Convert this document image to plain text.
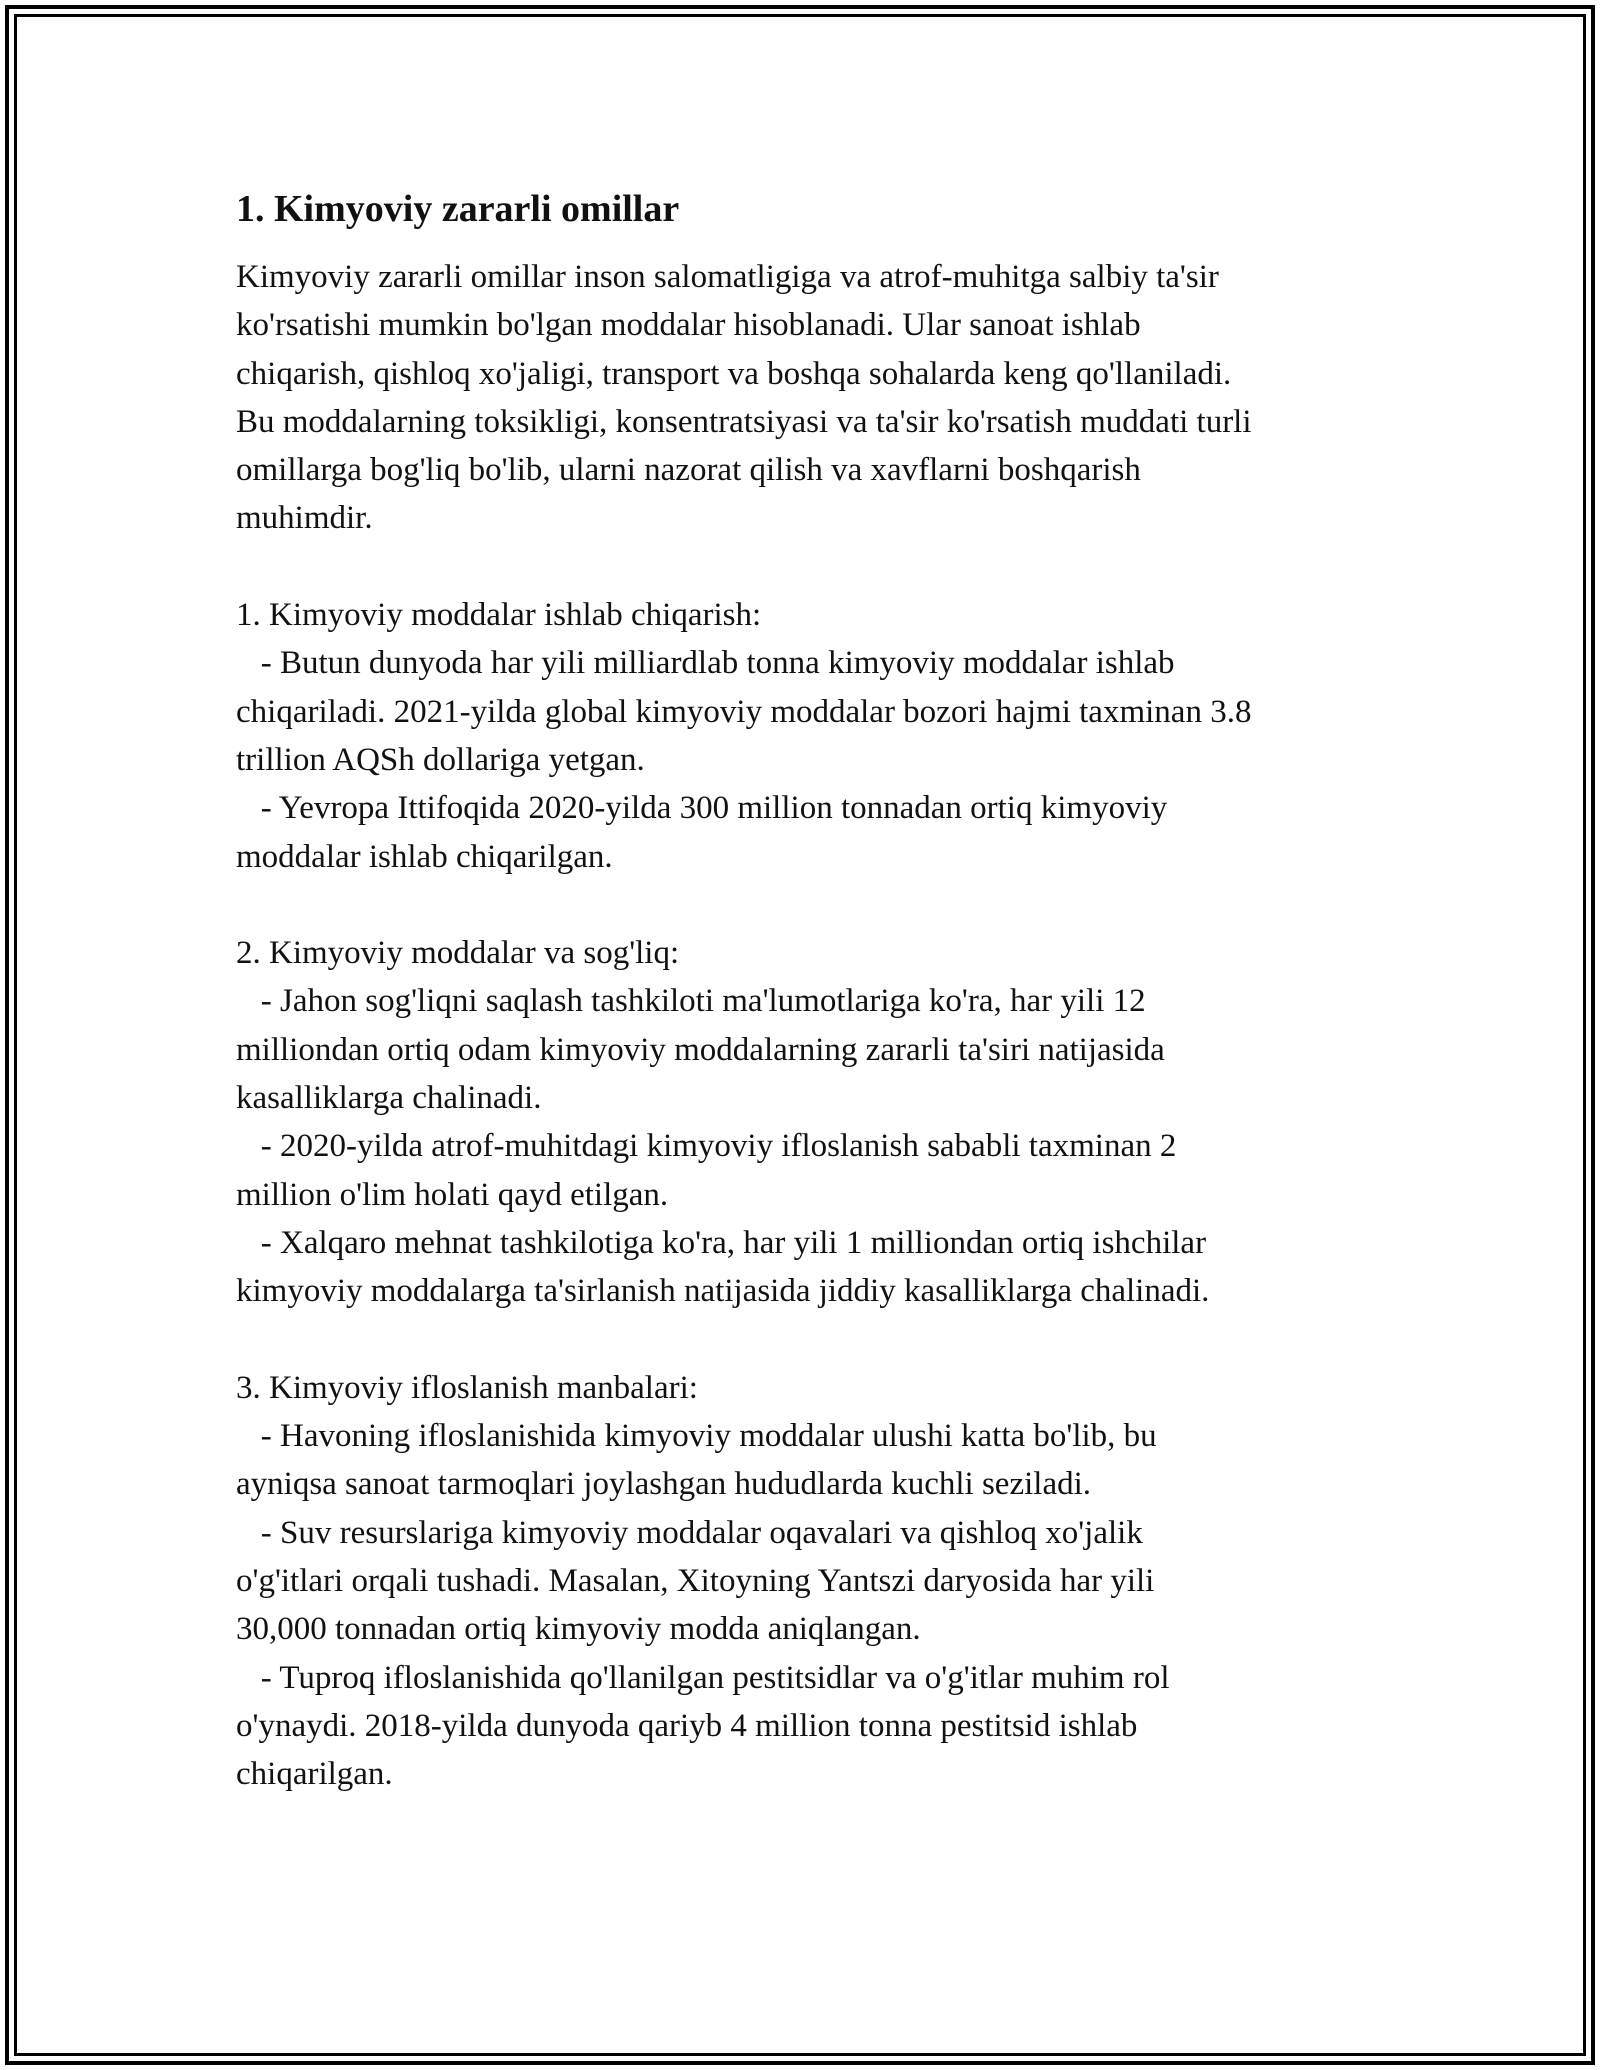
1. Kimyoviy zararli omillar

Kimyoviy zararli omillar inson salomatligiga va atrof-muhitga salbiy ta'sir
ko'rsatishi mumkin bo'lgan moddalar hisoblanadi. Ular sanoat ishlab
chiqarish, qishloq xo'jaligi, transport va boshqa sohalarda keng qo'llaniladi.
Bu moddalarning toksikligi, konsentratsiyasi va ta'sir ko'rsatish muddati turli
omillarga bog'liq bo'lib, ularni nazorat qilish va xavflarni boshqarish
muhimdir.

1. Kimyoviy moddalar ishlab chiqarish:
- Butun dunyoda har yili milliardlab tonna kimyoviy moddalar ishlab
chiqariladi. 2021-yilda global kimyoviy moddalar bozori hajmi taxminan 3.8
trillion AQSh dollariga yetgan.
- Yevropa Ittifoqida 2020-yilda 300 million tonnadan ortiq kimyoviy
moddalar ishlab chiqarilgan.

2. Kimyoviy moddalar va sog'liq:
- Jahon sog'liqni saqlash tashkiloti ma'lumotlariga ko'ra, har yili 12
milliondan ortiq odam kimyoviy moddalarning zararli ta'siri natijasida
kasalliklarga chalinadi.
- 2020-yilda atrof-muhitdagi kimyoviy ifloslanish sababli taxminan 2
million o'lim holati qayd etilgan.
- Xalqaro mehnat tashkilotiga ko'ra, har yili 1 milliondan ortiq ishchilar
kimyoviy moddalarga ta'sirlanish natijasida jiddiy kasalliklarga chalinadi.

3. Kimyoviy ifloslanish manbalari:
- Havoning ifloslanishida kimyoviy moddalar ulushi katta bo'lib, bu
ayniqsa sanoat tarmoqlari joylashgan hududlarda kuchli seziladi.
- Suv resurslariga kimyoviy moddalar oqavalari va qishloq xo'jalik
o'g'itlari orqali tushadi. Masalan, Xitoyning Yantszi daryosida har yili
30,000 tonnadan ortiq kimyoviy modda aniqlangan.
- Tuproq ifloslanishida qo'llanilgan pestitsidlar va o'g'itlar muhim rol
o'ynaydi. 2018-yilda dunyoda qariyb 4 million tonna pestitsid ishlab
chiqarilgan.
